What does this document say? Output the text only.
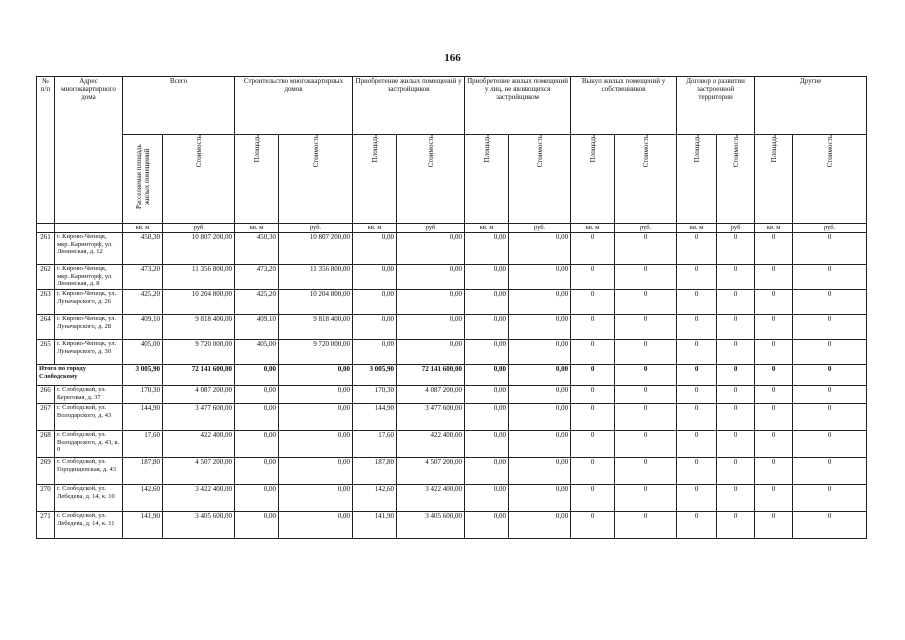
166
№ п/п	Адрес многоквартирного дома	Всего		Строительство многоквартирных домов		Приобретение жилых помещений у застройщиков		Приобретение жилых помещений у лиц, не являющихся застройщиком		Выкуп жилых помещений у собственников		Договор о развитии застроенной территории		Другие	

		Расселяемая площадь жилых помещений	Стоимость	Площадь	Стоимость	Площадь	Стоимость	Площадь	Стоимость	Площадь	Стоимость	Площадь	Стоимость	Площадь	Стоимость

		кв. м	руб	кв. м	руб.	кв. м	руб	кв. м	руб.	кв. м	руб.	кв. м	руб	кв. м	руб.
261	г. Кирово-Чепецк, мкр. Каринторф, ул. Ленинская, д. 12	450,30	10 807 200,00	450,30	10 807 200,00	0,00	0,00	0,00	0,00	0	0	0	0	0	0
262	г. Кирово-Чепецк, мкр. Каринторф, ул. Ленинская, д. 8	473,20	11 356 800,00	473,20	11 356 800,00	0,00	0,00	0,00	0,00	0	0	0	0	0	0
263	г. Кирово-Чепецк, ул. Луначарского, д. 26	425,20	10 204 800,00	425,20	10 204 800,00	0,00	0,00	0,00	0,00	0	0	0	0	0	0
264	г. Кирово-Чепецк, ул. Луначарского, д. 28	409,10	9 818 400,00	409,10	9 818 400,00	0,00	0,00	0,00	0,00	0	0	0	0	0	0
265	г. Кирово-Чепецк, ул. Луначарского, д. 30	405,00	9 720 000,00	405,00	9 720 000,00	0,00	0,00	0,00	0,00	0	0	0	0	0	0
Итого по городу Слободскому		3 005,90	72 141 600,00	0,00	0,00	3 005,90	72 141 600,00	0,00	0,00	0	0	0	0	0	0
266	г. Слободской, ул. Береговая, д. 37	170,30	4 087 200,00	0,00	0,00	170,30	4 087 200,00	0,00	0,00	0	0	0	0	0	0
267	г. Слободской, ул. Володарского, д. 43	144,90	3 477 600,00	0,00	0,00	144,90	3 477 600,00	0,00	0,00	0	0	0	0	0	0
268	г. Слободской, ул. Володарского, д. 43, к. 0	17,60	422 400,00	0,00	0,00	17,60	422 400,00	0,00	0,00	0	0	0	0	0	0
269	г. Слободской, ул. Городищенская, д. 43	187,80	4 507 200,00	0,00	0,00	187,80	4 507 200,00	0,00	0,00	0	0	0	0	0	0
270	г. Слободской, ул. Лебедева, д. 14, к. 10	142,60	3 422 400,00	0,00	0,00	142,60	3 422 400,00	0,00	0,00	0	0	0	0	0	0
271	г. Слободской, ул. Лебедева, д. 14, к. 11	141,90	3 405 600,00	0,00	0,00	141,90	3 405 600,00	0,00	0,00	0	0	0	0	0	0
